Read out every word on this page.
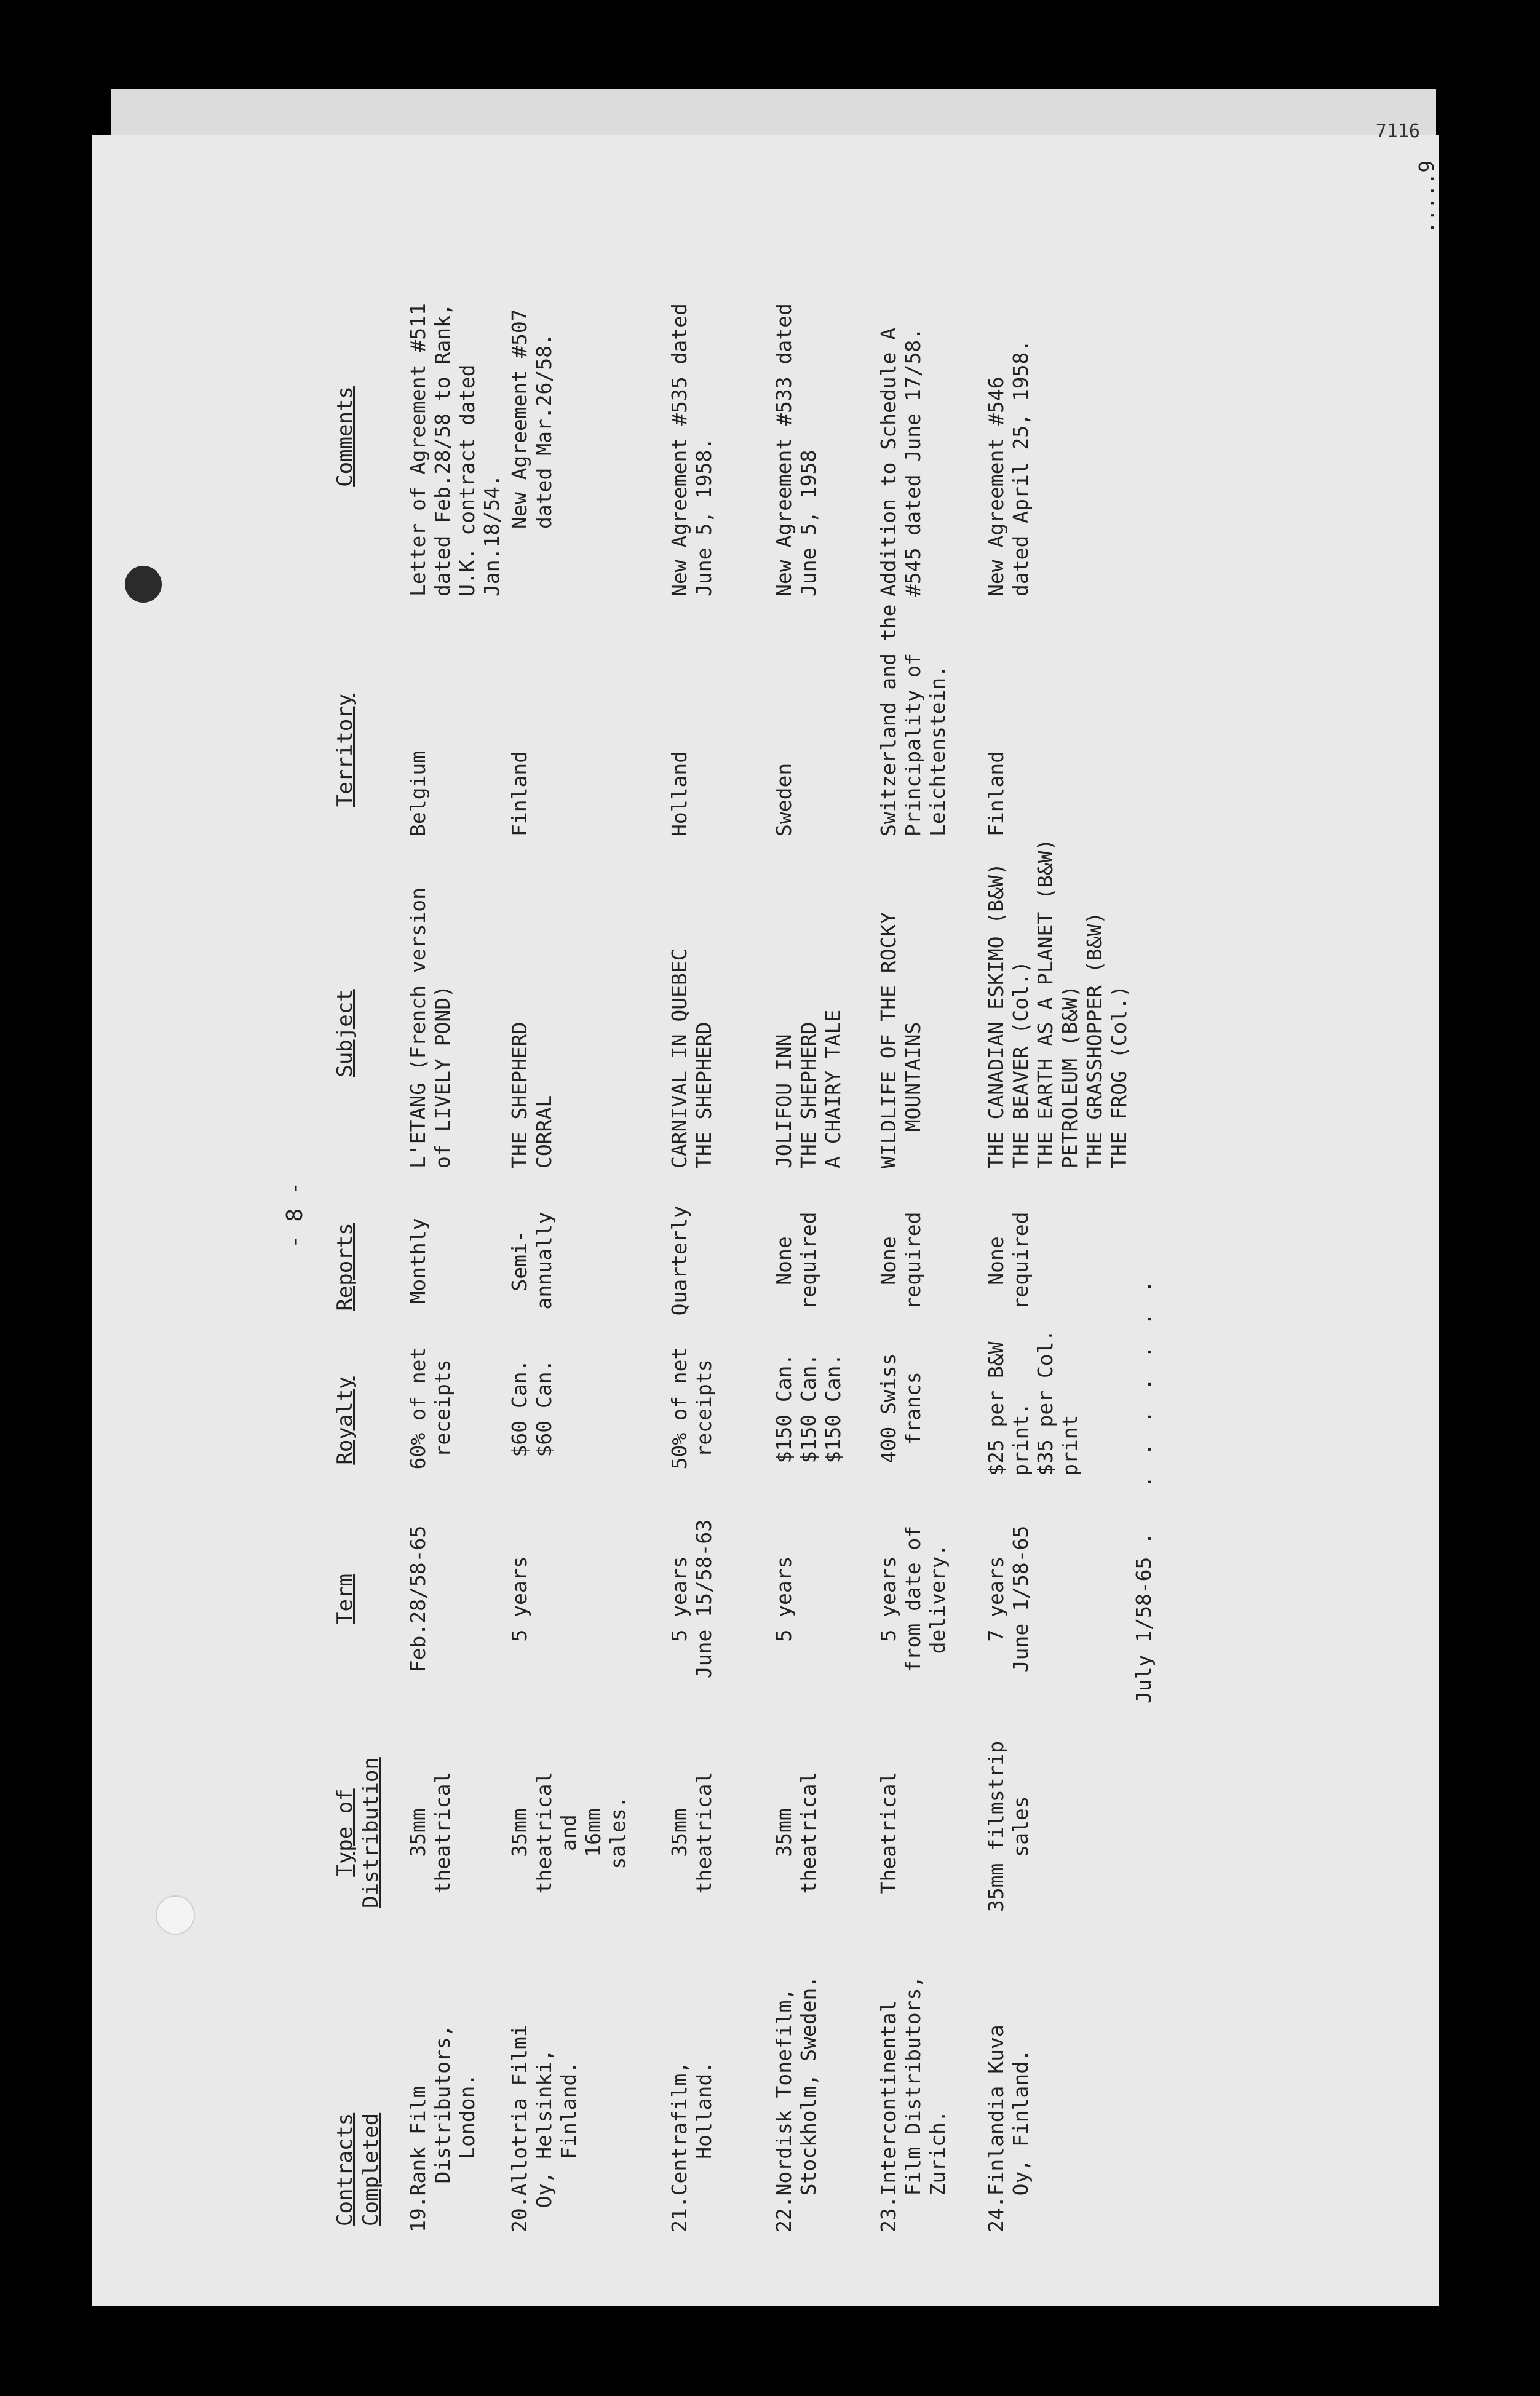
7116
Contracts Completed
Type of Distribution
Term
Royalty
Reports
Subject
Territory
Comments
- 8 -
19.Rank Film
Distributors,
London.
35mm
theatrical
Feb.28/58-65
60% of net
receipts
Monthly
L'ETANG (French version
of LIVELY POND)
Belgium
Letter of Agreement #511
dated Feb.28/58 to Rank,
U.K. contract dated
Jan.18/54.
20.Allotria Filmi
Oy, Helsinki,
Finland.
35mm
theatrical
and
16mm
sales.
5 years
$60 Can.
$60 Can.
Semi-
annually
THE SHEPHERD
CORRAL
Finland
New Agreement #507
dated Mar.26/58.
21.Centrafilm,
Holland.
35mm
theatrical
5 years
June 15/58-63
50% of net
receipts
Quarterly
CARNIVAL IN QUEBEC
THE SHEPHERD
Holland
New Agreement #535 dated
June 5, 1958.
22.Nordisk Tonefilm,
Stockholm, Sweden.
35mm
theatrical
5 years
$150 Can.
$150 Can.
$150 Can.
None
required
JOLIFOU INN
THE SHEPHERD
A CHAIRY TALE
Sweden
New Agreement #533 dated
June 5, 1958
23.Intercontinental
Film Distributors,
Zurich.
Theatrical
5 years
from date of
delivery.
400 Swiss
francs
None
required
WILDLIFE OF THE ROCKY
MOUNTAINS
Switzerland and the
Principality of
Leichtenstein.
Addition to Schedule A
#545 dated June 17/58.
24.Finlandia Kuva
Oy, Finland.
35mm filmstrip
sales
7 years
June 1/58-65
$25 per B&W
print.
$35 per Col.
print
None
required
THE CANADIAN ESKIMO (B&W)
THE BEAVER (Col.)
THE EARTH AS A PLANET (B&W)
PETROLEUM (B&W)
THE GRASSHOPPER (B&W)
THE FROG (Col.)
Finland
New Agreement #546
dated April 25, 1958.
July 1/58-65 .
. . . . . . .
.....9
